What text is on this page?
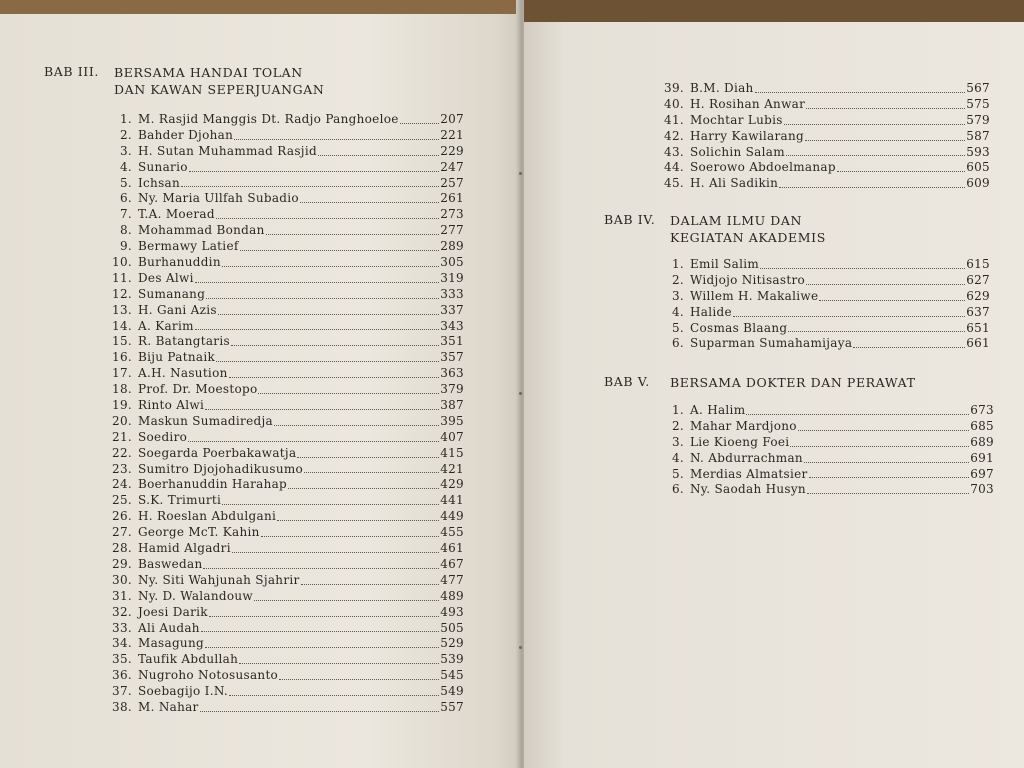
BAB III. BERSAMA HANDAI TOLAN
DAN KAWAN SEPERJUANGAN
1. M. Rasjid Manggis Dt. Radjo Panghoeloe	207
2. Bahder Djohan	221
3. H. Sutan Muhammad Rasjid	229
4. Sunario	247
5. Ichsan	257
6. Ny. Maria Ullfah Subadio	261
7. T.A. Moerad	273
8. Mohammad Bondan	277
9. Bermawy Latief	289
10. Burhanuddin	305
11. Des Alwi	319
12. Sumanang	333
13. H. Gani Azis	337
14. A. Karim	343
15. R. Batangtaris	351
16. Biju Patnaik	357
17. A.H. Nasution	363
18. Prof. Dr. Moestopo	379
19. Rinto Alwi	387
20. Maskun Sumadiredja	395
21. Soediro	407
22. Soegarda Poerbakawatja	415
23. Sumitro Djojohadikusumo	421
24. Boerhanuddin Harahap	429
25. S.K. Trimurti	441
26. H. Roeslan Abdulgani	449
27. George McT. Kahin	455
28. Hamid Algadri	461
29. Baswedan	467
30. Ny. Siti Wahjunah Sjahrir	477
31. Ny. D. Walandouw	489
32. Joesi Darik	493
33. Ali Audah	505
34. Masagung	529
35. Taufik Abdullah	539
36. Nugroho Notosusanto	545
37. Soebagijo I.N.	549
38. M. Nahar	557
39. B.M. Diah	567
40. H. Rosihan Anwar	575
41. Mochtar Lubis	579
42. Harry Kawilarang	587
43. Solichin Salam	593
44. Soerowo Abdoelmanap	605
45. H. Ali Sadikin	609
BAB IV. DALAM ILMU DAN
KEGIATAN AKADEMIS
1. Emil Salim	615
2. Widjojo Nitisastro	627
3. Willem H. Makaliwe	629
4. Halide	637
5. Cosmas Blaang	651
6. Suparman Sumahamijaya	661
BAB V. BERSAMA DOKTER DAN PERAWAT
1. A. Halim	673
2. Mahar Mardjono	685
3. Lie Kioeng Foei	689
4. N. Abdurrachman	691
5. Merdias Almatsier	697
6. Ny. Saodah Husyn	703
